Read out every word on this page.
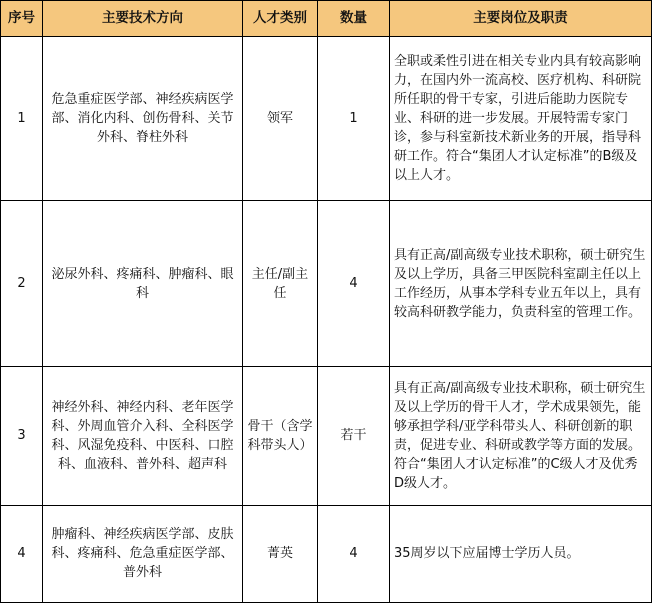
序号	主要技术方向	人才类别	数量	主要岗位及职责
1	危急重症医学部、神经疾病医学部、消化内科、创伤骨科、关节外科、脊柱外科	领军	1	全职或柔性引进在相关专业内具有较高影响力，在国内外一流高校、医疗机构、科研院所任职的骨干专家，引进后能助力医院专业、科研的进一步发展。开展特需专家门诊，参与科室新技术新业务的开展，指导科研工作。符合“集团人才认定标准”的B级及以上人才。
2	泌尿外科、疼痛科、肿瘤科、眼科	主任/副主任	4	具有正高/副高级专业技术职称，硕士研究生及以上学历，具备三甲医院科室副主任以上工作经历，从事本学科专业五年以上，具有较高科研教学能力，负责科室的管理工作。
3	神经外科、神经内科、老年医学科、外周血管介入科、全科医学科、风湿免疫科、中医科、口腔科、血液科、普外科、超声科	骨干（含学科带头人）	若干	具有正高/副高级专业技术职称，硕士研究生及以上学历的骨干人才，学术成果领先，能够承担学科/亚学科带头人、科研创新的职责，促进专业、科研或教学等方面的发展。符合“集团人才认定标准”的C级人才及优秀D级人才。
4	肿瘤科、神经疾病医学部、皮肤科、疼痛科、危急重症医学部、普外科	菁英	4	35周岁以下应届博士学历人员。
